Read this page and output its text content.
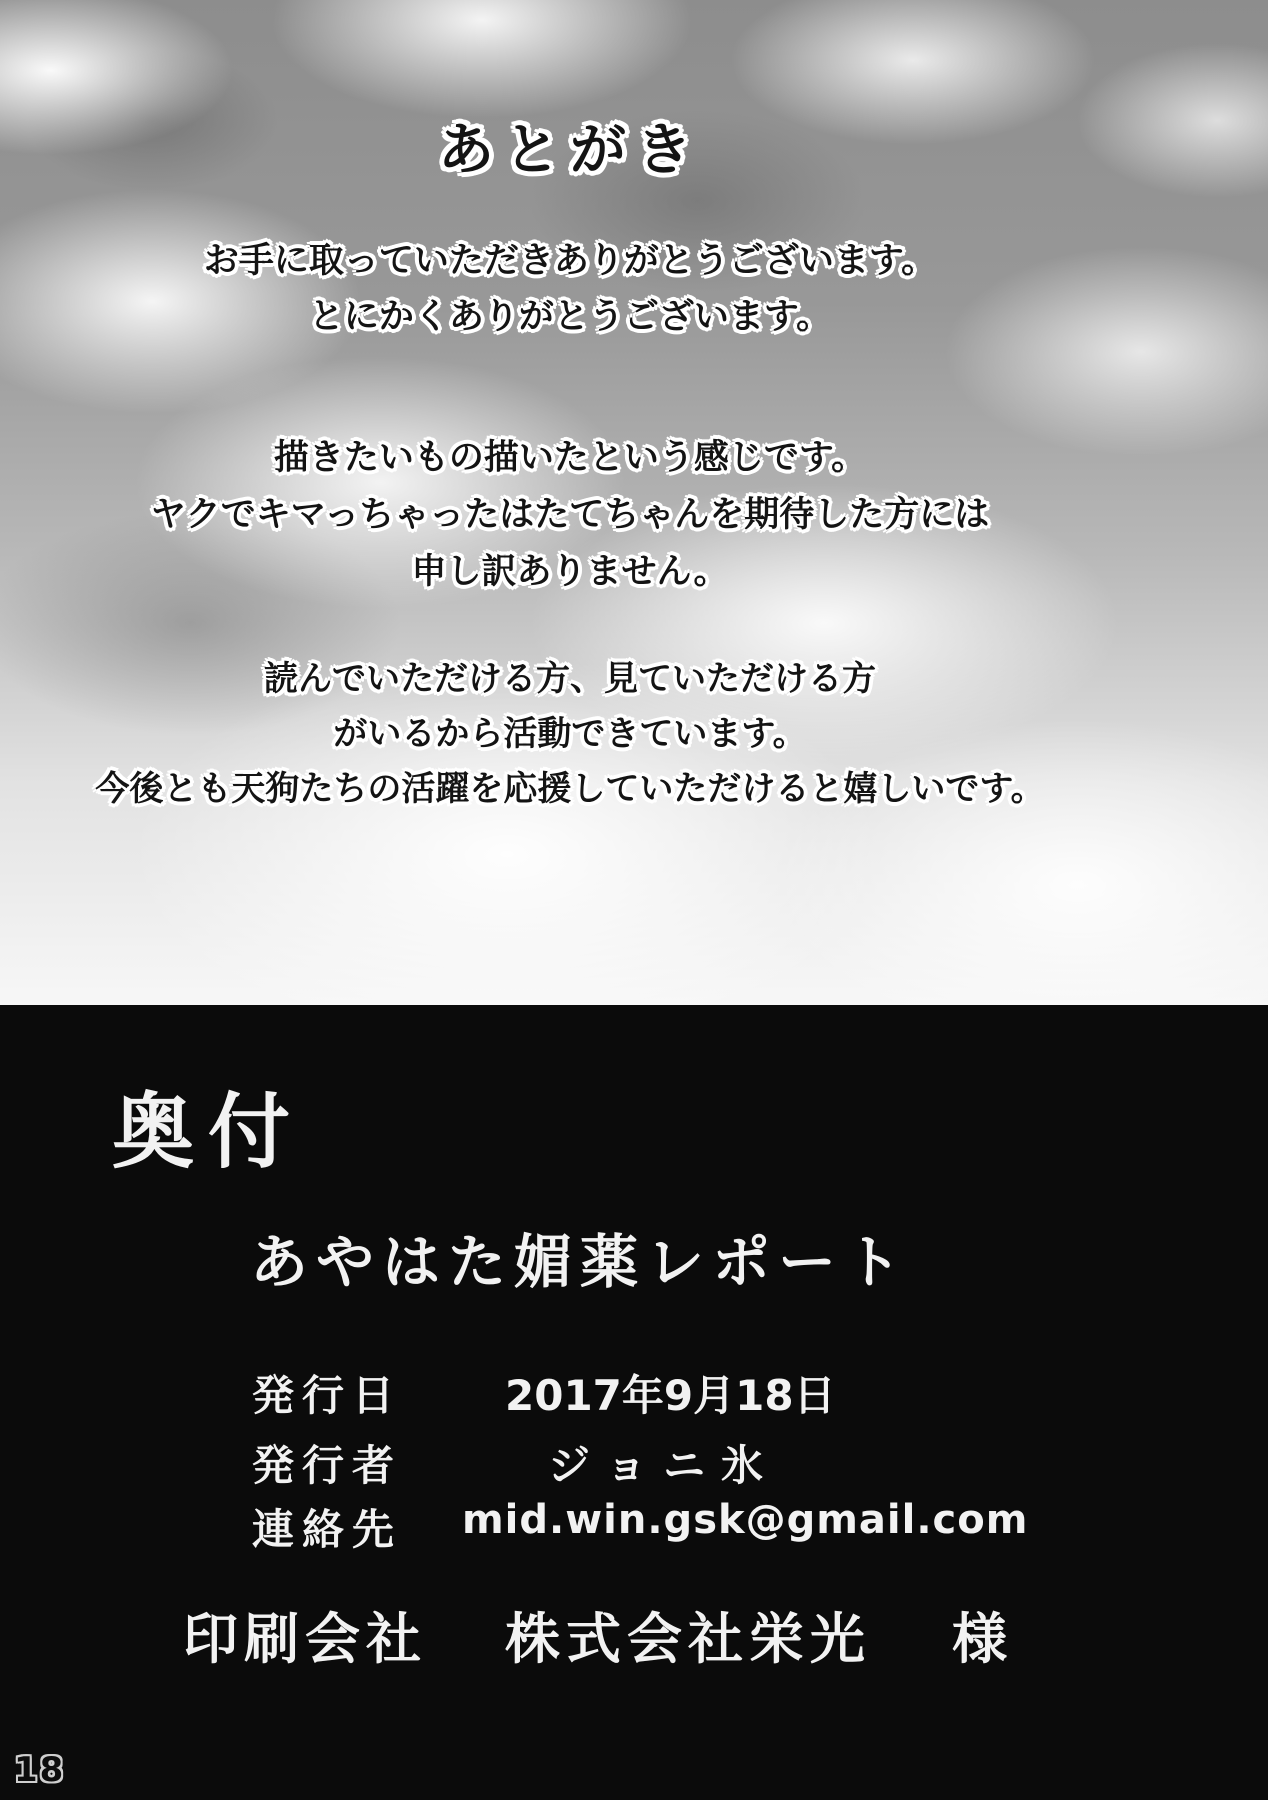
あとがき

お手に取っていただきありがとうございます。
とにかくありがとうございます。

描きたいもの描いたという感じです。
ヤクでキマっちゃったはたてちゃんを期待した方には
申し訳ありません。

読んでいただける方、見ていただける方
がいるから活動できています。
今後とも天狗たちの活躍を応援していただけると嬉しいです。

奥付
あやはた媚薬レポート
発行日 2017年9月18日
発行者	ジョニ氷
連絡先 mid.win.gsk@gmail.com
印刷会社 株式会社栄光 様
18
